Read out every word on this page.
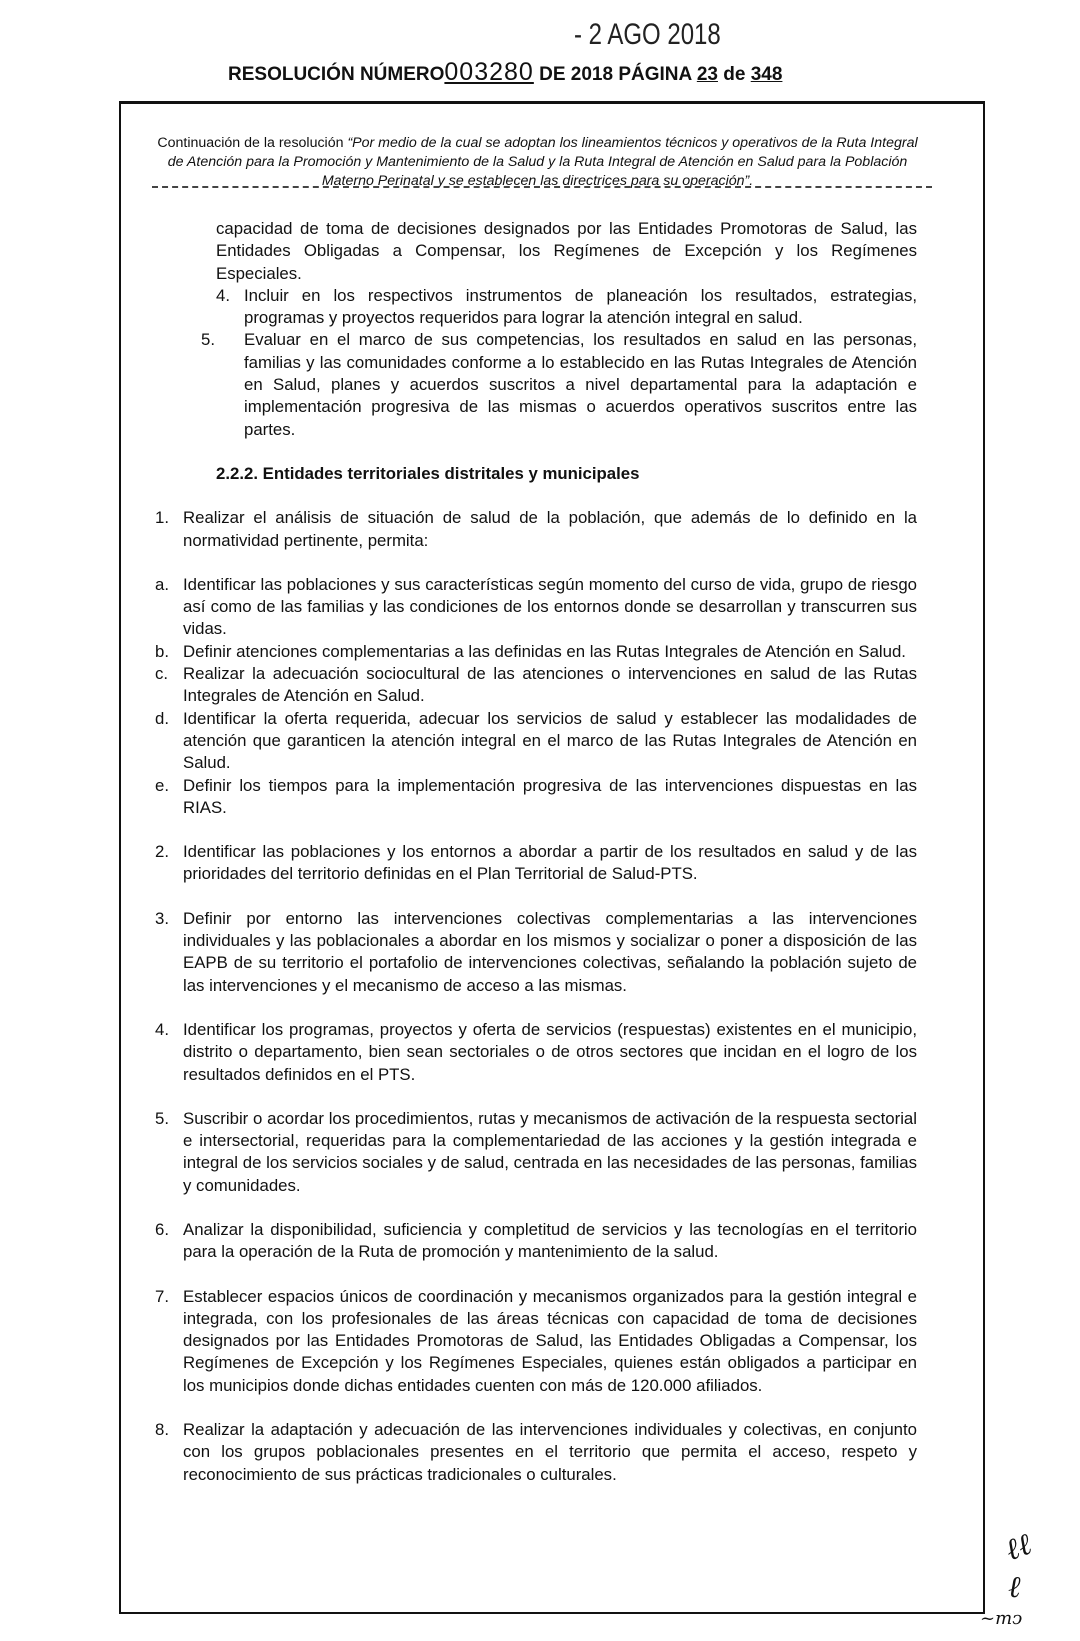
- 2 AGO 2018
RESOLUCIÓN NÚMERO003280 DE 2018 PÁGINA 23 de 348
Continuación de la resolución “Por medio de la cual se adoptan los lineamientos técnicos y operativos de la Ruta Integral de Atención para la Promoción y Mantenimiento de la Salud y la Ruta Integral de Atención en Salud para la Población Materno Perinatal y se establecen las directrices para su operación”.

capacidad de toma de decisiones designados por las Entidades Promotoras de Salud, las Entidades Obligadas a Compensar, los Regímenes de Excepción y los Regímenes Especiales.

4. Incluir en los respectivos instrumentos de planeación los resultados, estrategias, programas y proyectos requeridos para lograr la atención integral en salud.
5.	Evaluar en el marco de sus competencias, los resultados en salud en las personas, familias y las comunidades conforme a lo establecido en las Rutas Integrales de Atención en Salud, planes y acuerdos suscritos a nivel departamental para la adaptación e implementación progresiva de las mismas o acuerdos operativos suscritos entre las partes.
2.2.2. Entidades territoriales distritales y municipales
1. Realizar el análisis de situación de salud de la población, que además de lo definido en la normatividad pertinente, permita:
a. Identificar las poblaciones y sus características según momento del curso de vida, grupo de riesgo así como de las familias y las condiciones de los entornos donde se desarrollan y transcurren sus vidas.
b. Definir atenciones complementarias a las definidas en las Rutas Integrales de Atención en Salud.
c. Realizar la adecuación sociocultural de las atenciones o intervenciones en salud de las Rutas Integrales de Atención en Salud.
d. Identificar la oferta requerida, adecuar los servicios de salud y establecer las modalidades de atención que garanticen la atención integral en el marco de las Rutas Integrales de Atención en Salud.
e. Definir los tiempos para la implementación progresiva de las intervenciones dispuestas en las RIAS.
2. Identificar las poblaciones y los entornos a abordar a partir de los resultados en salud y de las prioridades del territorio definidas en el Plan Territorial de Salud-PTS.
3. Definir por entorno las intervenciones colectivas complementarias a las intervenciones individuales y las poblacionales a abordar en los mismos y socializar o poner a disposición de las EAPB de su territorio el portafolio de intervenciones colectivas, señalando la población sujeto de las intervenciones y el mecanismo de acceso a las mismas.
4. Identificar los programas, proyectos y oferta de servicios (respuestas) existentes en el municipio, distrito o departamento, bien sean sectoriales o de otros sectores que incidan en el logro de los resultados definidos en el PTS.
5. Suscribir o acordar los procedimientos, rutas y mecanismos de activación de la respuesta sectorial e intersectorial, requeridas para la complementariedad de las acciones y la gestión integrada e integral de los servicios sociales y de salud, centrada en las necesidades de las personas, familias y comunidades.
6. Analizar la disponibilidad, suficiencia y completitud de servicios y las tecnologías en el territorio para la operación de la Ruta de promoción y mantenimiento de la salud.
7. Establecer espacios únicos de coordinación y mecanismos organizados para la gestión integral e integrada, con los profesionales de las áreas técnicas con capacidad de toma de decisiones designados por las Entidades Promotoras de Salud, las Entidades Obligadas a Compensar, los Regímenes de Excepción y los Regímenes Especiales, quienes están obligados a participar en los municipios donde dichas entidades cuenten con más de 120.000 afiliados.
8. Realizar la adaptación y adecuación de las intervenciones individuales y colectivas, en conjunto con los grupos poblacionales presentes en el territorio que permita el acceso, respeto y reconocimiento de sus prácticas tradicionales o culturales.
ℓℓ
ℓ
~mↄ
